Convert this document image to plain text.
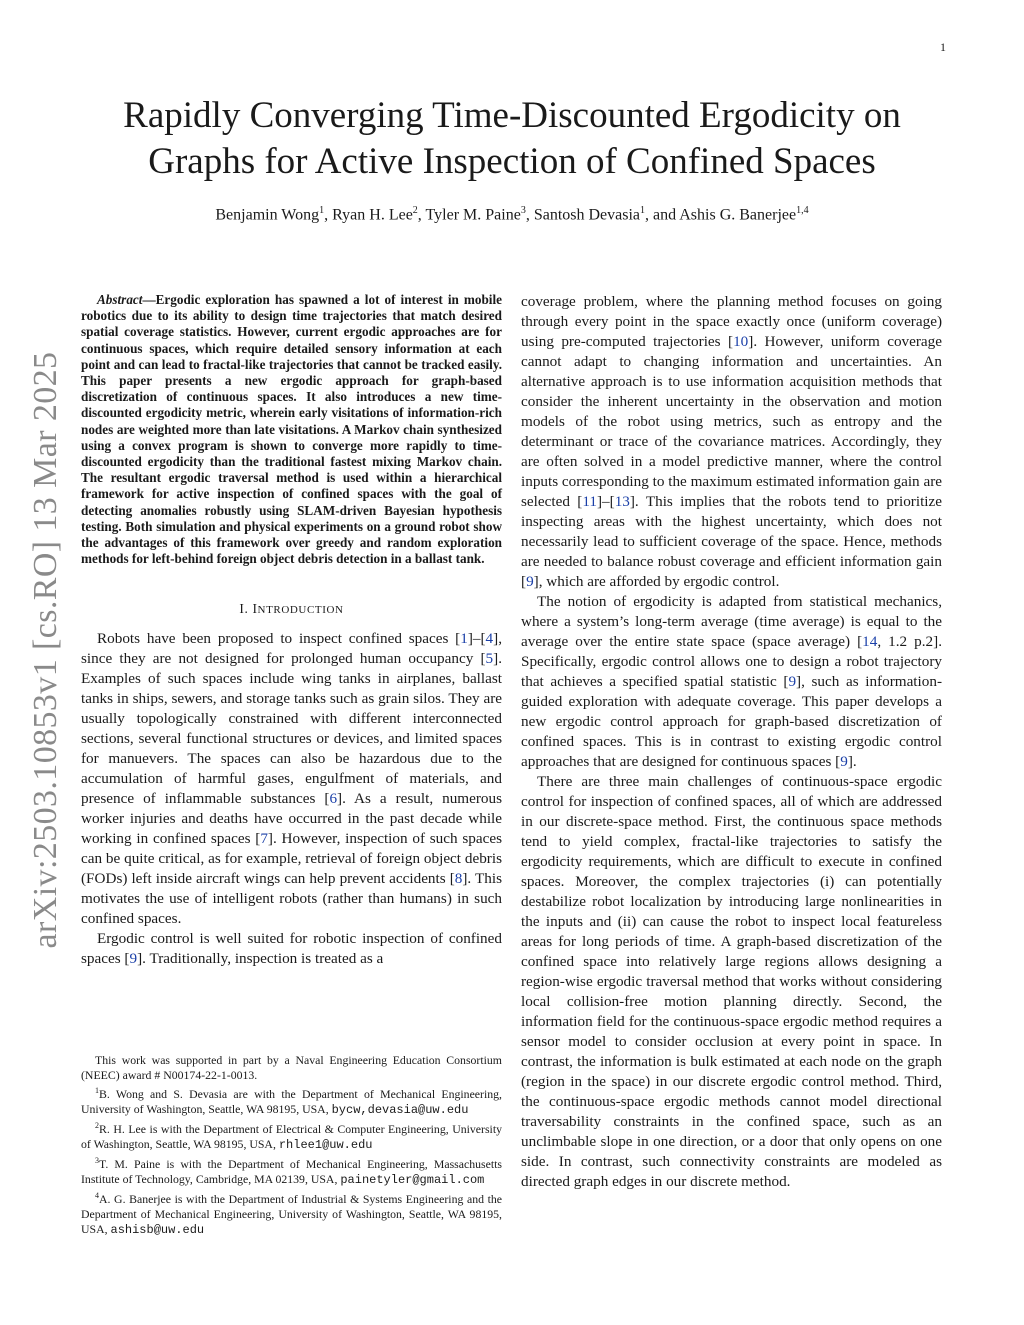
1
arXiv:2503.10853v1 [cs.RO] 13 Mar 2025
Rapidly Converging Time-Discounted Ergodicity on
Graphs for Active Inspection of Confined Spaces
Benjamin Wong$^1$, Ryan H. Lee$^2$, Tyler M. Paine$^3$, Santosh Devasia$^1$, and Ashis G. Banerjee$^{1,4}$

Abstract—Ergodic exploration has spawned a lot of interest in mobile robotics due to its ability to design time trajectories that match desired spatial coverage statistics. However, current ergodic approaches are for continuous spaces, which require detailed sensory information at each point and can lead to fractal-like trajectories that cannot be tracked easily. This paper presents a new ergodic approach for graph-based discretization of continuous spaces. It also introduces a new time-discounted ergodicity metric, wherein early visitations of information-rich nodes are weighted more than late visitations. A Markov chain synthesized using a convex program is shown to converge more rapidly to time-discounted ergodicity than the traditional fastest mixing Markov chain. The resultant ergodic traversal method is used within a hierarchical framework for active inspection of confined spaces with the goal of detecting anomalies robustly using SLAM-driven Bayesian hypothesis testing. Both simulation and physical experiments on a ground robot show the advantages of this framework over greedy and random exploration methods for left-behind foreign object debris detection in a ballast tank.

I. INTRODUCTION

Robots have been proposed to inspect confined spaces [1]–[4], since they are not designed for prolonged human occupancy [5]. Examples of such spaces include wing tanks in airplanes, ballast tanks in ships, sewers, and storage tanks such as grain silos. They are usually topologically constrained with different interconnected sections, several functional structures or devices, and limited spaces for manuevers. The spaces can also be hazardous due to the accumulation of harmful gases, engulfment of materials, and presence of inflammable substances [6]. As a result, numerous worker injuries and deaths have occurred in the past decade while working in confined spaces [7]. However, inspection of such spaces can be quite critical, as for example, retrieval of foreign object debris (FODs) left inside aircraft wings can help prevent accidents [8]. This motivates the use of intelligent robots (rather than humans) in such confined spaces.

Ergodic control is well suited for robotic inspection of confined spaces [9]. Traditionally, inspection is treated as a

This work was supported in part by a Naval Engineering Education Consortium (NEEC) award # N00174-22-1-0013.

$^1$B. Wong and S. Devasia are with the Department of Mechanical Engineering, University of Washington, Seattle, WA 98195, USA, bycw,devasia@uw.edu

$^2$R. H. Lee is with the Department of Electrical & Computer Engineering, University of Washington, Seattle, WA 98195, USA, rhlee1@uw.edu

$^3$T. M. Paine is with the Department of Mechanical Engineering, Massachusetts Institute of Technology, Cambridge, MA 02139, USA, painetyler@gmail.com

$^4$A. G. Banerjee is with the Department of Industrial & Systems Engineering and the Department of Mechanical Engineering, University of Washington, Seattle, WA 98195, USA, ashisb@uw.edu

coverage problem, where the planning method focuses on going through every point in the space exactly once (uniform coverage) using pre-computed trajectories [10]. However, uniform coverage cannot adapt to changing information and uncertainties. An alternative approach is to use information acquisition methods that consider the inherent uncertainty in the observation and motion models of the robot using metrics, such as entropy and the determinant or trace of the covariance matrices. Accordingly, they are often solved in a model predictive manner, where the control inputs corresponding to the maximum estimated information gain are selected [11]–[13]. This implies that the robots tend to prioritize inspecting areas with the highest uncertainty, which does not necessarily lead to sufficient coverage of the space. Hence, methods are needed to balance robust coverage and efficient information gain [9], which are afforded by ergodic control.

The notion of ergodicity is adapted from statistical mechanics, where a system’s long-term average (time average) is equal to the average over the entire state space (space average) [14, 1.2 p.2]. Specifically, ergodic control allows one to design a robot trajectory that achieves a specified spatial statistic [9], such as information-guided exploration with adequate coverage. This paper develops a new ergodic control approach for graph-based discretization of confined spaces. This is in contrast to existing ergodic control approaches that are designed for continuous spaces [9].

There are three main challenges of continuous-space ergodic control for inspection of confined spaces, all of which are addressed in our discrete-space method. First, the continuous space methods tend to yield complex, fractal-like trajectories to satisfy the ergodicity requirements, which are difficult to execute in confined spaces. Moreover, the complex trajectories (i) can potentially destabilize robot localization by introducing large nonlinearities in the inputs and (ii) can cause the robot to inspect local featureless areas for long periods of time. A graph-based discretization of the confined space into relatively large regions allows designing a region-wise ergodic traversal method that works without considering local collision-free motion planning directly. Second, the information field for the continuous-space ergodic method requires a sensor model to consider occlusion at every point in space. In contrast, the information is bulk estimated at each node on the graph (region in the space) in our discrete ergodic control method. Third, the continuous-space ergodic methods cannot model directional traversability constraints in the confined space, such as an unclimbable slope in one direction, or a door that only opens on one side. In contrast, such connectivity constraints are modeled as directed graph edges in our discrete method.
